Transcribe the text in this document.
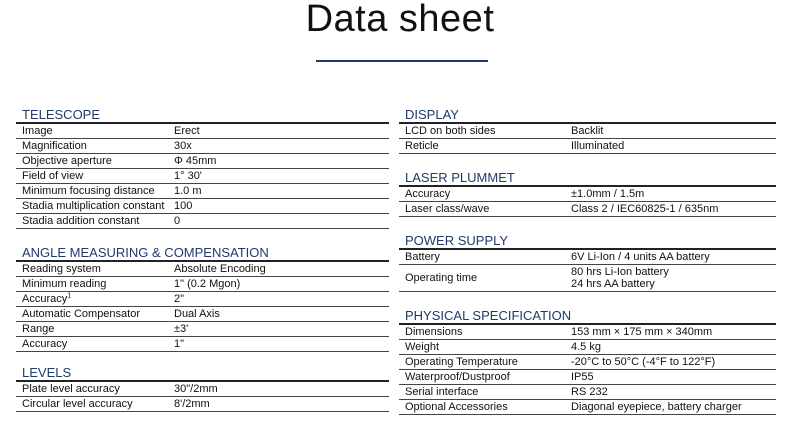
Data sheet
TELESCOPE
Image	Erect
Magnification	30x
Objective aperture	Φ 45mm
Field of view	1° 30'
Minimum focusing distance	1.0 m
Stadia multiplication constant	100
Stadia addition constant	0
ANGLE MEASURING & COMPENSATION
Reading system	Absolute Encoding
Minimum reading	1" (0.2 Mgon)
Accuracy$^1$	2"
Automatic Compensator	Dual Axis
Range	±3'
Accuracy	1"
LEVELS
Plate level accuracy	30"/2mm
Circular level accuracy	8'/2mm
DISPLAY
LCD on both sides	Backlit
Reticle	Illuminated
LASER PLUMMET
Accuracy	±1.0mm / 1.5m
Laser class/wave	Class 2 / IEC60825-1 / 635nm
POWER SUPPLY
Battery	6V Li-Ion / 4 units AA battery
Operating time	80 hrs Li-Ion battery
24 hrs AA battery
PHYSICAL SPECIFICATION
Dimensions	153 mm × 175 mm × 340mm
Weight	4.5 kg
Operating Temperature	-20°C to 50°C (-4°F to 122°F)
Waterproof/Dustproof	IP55
Serial interface	RS 232
Optional Accessories	Diagonal eyepiece, battery charger
